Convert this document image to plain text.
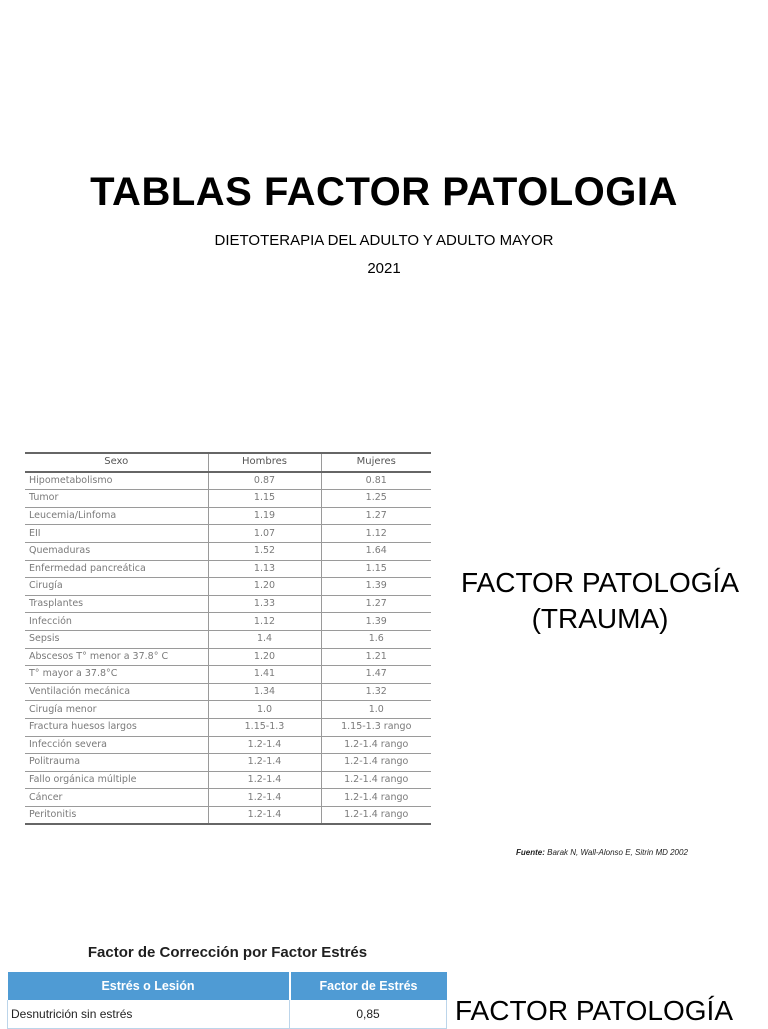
TABLAS FACTOR PATOLOGIA
DIETOTERAPIA DEL ADULTO Y ADULTO MAYOR
2021
Sexo	Hombres	Mujeres
Hipometabolismo	0.87	0.81
Tumor	1.15	1.25
Leucemia/Linfoma	1.19	1.27
EII	1.07	1.12
Quemaduras	1.52	1.64
Enfermedad pancreática	1.13	1.15
Cirugía	1.20	1.39
Trasplantes	1.33	1.27
Infección	1.12	1.39
Sepsis	1.4	1.6
Abscesos T° menor a 37.8° C	1.20	1.21
T° mayor a 37.8°C	1.41	1.47
Ventilación mecánica	1.34	1.32
Cirugía menor	1.0	1.0
Fractura huesos largos	1.15-1.3	1.15-1.3 rango
Infección severa	1.2-1.4	1.2-1.4 rango
Politrauma	1.2-1.4	1.2-1.4 rango
Fallo orgánica múltiple	1.2-1.4	1.2-1.4 rango
Cáncer	1.2-1.4	1.2-1.4 rango
Peritonitis	1.2-1.4	1.2-1.4 rango
FACTOR PATOLOGÍA
(TRAUMA)
Fuente: Barak N, Wall-Alonso E, Sitrin MD 2002
Factor de Corrección por Factor Estrés
Estrés o Lesión	Factor de Estrés
Desnutrición sin estrés	0,85	FACTOR PATOLOGÍA
